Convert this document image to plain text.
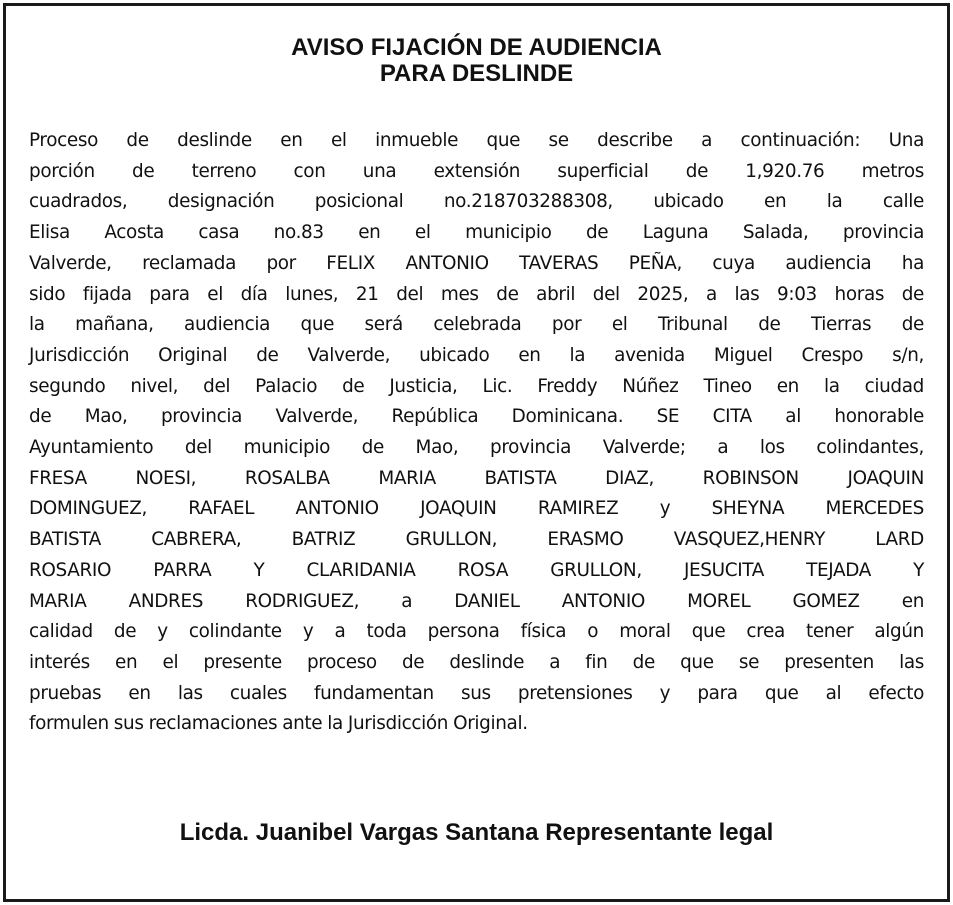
AVISO FIJACIÓN DE AUDIENCIA
PARA DESLINDE
Proceso de deslinde en el inmueble que se describe a continuación: Una
porción de terreno con una extensión superficial de 1,920.76 metros
cuadrados, designación posicional no.218703288308, ubicado en la calle
Elisa Acosta casa no.83 en el municipio de Laguna Salada, provincia
Valverde, reclamada por FELIX ANTONIO TAVERAS PEÑA, cuya audiencia ha
sido fijada para el día lunes, 21 del mes de abril del 2025, a las 9:03 horas de
la mañana, audiencia que será celebrada por el Tribunal de Tierras de
Jurisdicción Original de Valverde, ubicado en la avenida Miguel Crespo s/n,
segundo nivel, del Palacio de Justicia, Lic. Freddy Núñez Tineo en la ciudad
de Mao, provincia Valverde, República Dominicana. SE CITA al honorable
Ayuntamiento del municipio de Mao, provincia Valverde; a los colindantes,
FRESA NOESI, ROSALBA MARIA BATISTA DIAZ, ROBINSON JOAQUIN
DOMINGUEZ, RAFAEL ANTONIO JOAQUIN RAMIREZ y SHEYNA MERCEDES
BATISTA CABRERA, BATRIZ GRULLON, ERASMO VASQUEZ,HENRY LARD
ROSARIO PARRA Y CLARIDANIA ROSA GRULLON, JESUCITA TEJADA Y
MARIA ANDRES RODRIGUEZ, a DANIEL ANTONIO MOREL GOMEZ en
calidad de y colindante y a toda persona física o moral que crea tener algún
interés en el presente proceso de deslinde a fin de que se presenten las
pruebas en las cuales fundamentan sus pretensiones y para que al efecto
formulen sus reclamaciones ante la Jurisdicción Original.

Licda. Juanibel Vargas Santana Representante legal
